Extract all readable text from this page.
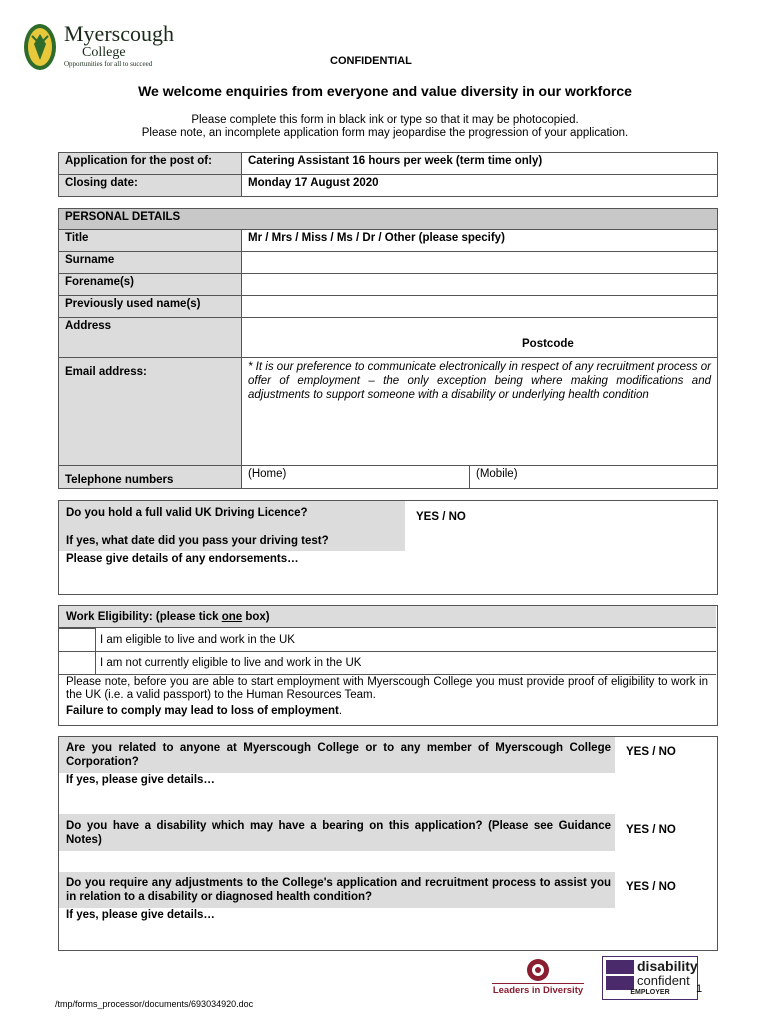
Myerscough
College
Opportunities for all to succeed	CONFIDENTIAL
We welcome enquiries from everyone and value diversity in our workforce
Please complete this form in black ink or type so that it may be photocopied.
Please note, an incomplete application form may jeopardise the progression of your application.
Application for the post of:	Catering Assistant 16 hours per week (term time only)
Closing date:	Monday 17 August 2020
PERSONAL DETAILS		
Title	Mr / Mrs / Miss / Ms / Dr / Other (please specify)	
Surname		
Forename(s)		
Previously used name(s)		
Address	Postcode	

Email address:	* It is our preference to communicate electronically in respect of any recruitment process or offer of employment – the only exception being where making modifications and adjustments to support someone with a disability or underlying health condition	

Telephone numbers	(Home)	(Mobile)
Do you hold a full valid UK Driving Licence?	YES / NO
If yes, what date did you pass your driving test?
Please give details of any endorsements…
Work Eligibility: (please tick one box)
I am eligible to live and work in the UK
I am not currently eligible to live and work in the UK
Please note, before you are able to start employment with Myerscough College you must provide proof of eligibility to work in the UK (i.e. a valid passport) to the Human Resources Team.
Failure to comply may lead to loss of employment.
Are you related to anyone at Myerscough College or to any member of Myerscough College Corporation?
YES / NO
If yes, please give details…
Do you have a disability which may have a bearing on this application? (Please see Guidance Notes)
YES / NO
Do you require any adjustments to the College's application and recruitment process to assist you in relation to a disability or diagnosed health condition?
YES / NO
If yes, please give details…
Leaders in Diversity
disability
confident
EMPLOYER	1
/tmp/forms_processor/documents/693034920.doc
